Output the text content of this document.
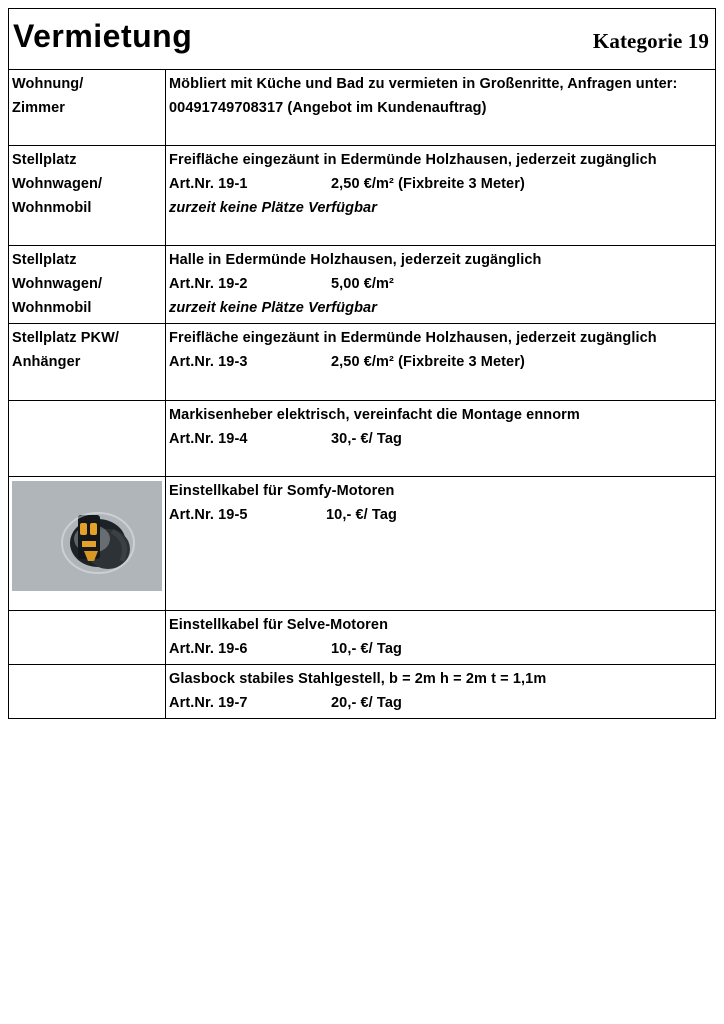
Vermietung	Kategorie 19

Wohnung/
Zimmer	Möbliert mit Küche und Bad zu vermieten in Großenritte, Anfragen unter: 00491749708317 (Angebot im Kundenauftrag)

Stellplatz
Wohnwagen/
Wohnmobil	Freifläche eingezäunt in Edermünde Holzhausen, jederzeit zugänglich
Art.Nr. 19-1 2,50 €/m² (Fixbreite 3 Meter)
zurzeit keine Plätze Verfügbar

Stellplatz
Wohnwagen/
Wohnmobil	Halle in Edermünde Holzhausen, jederzeit zugänglich
Art.Nr. 19-2 5,00 €/m²
zurzeit keine Plätze Verfügbar

Stellplatz PKW/
Anhänger	Freifläche eingezäunt in Edermünde Holzhausen, jederzeit zugänglich
Art.Nr. 19-3 2,50 €/m² (Fixbreite 3 Meter)

	Markisenheber elektrisch, vereinfacht die Montage ennorm
Art.Nr. 19-4 30,- €/ Tag

Einstellkabel für Somfy-Motoren
Art.Nr. 19-5 10,- €/ Tag

	Einstellkabel für Selve-Motoren
Art.Nr. 19-6 10,- €/ Tag

	Glasbock stabiles Stahlgestell, b = 2m h = 2m t = 1,1m
Art.Nr. 19-7 20,- €/ Tag
